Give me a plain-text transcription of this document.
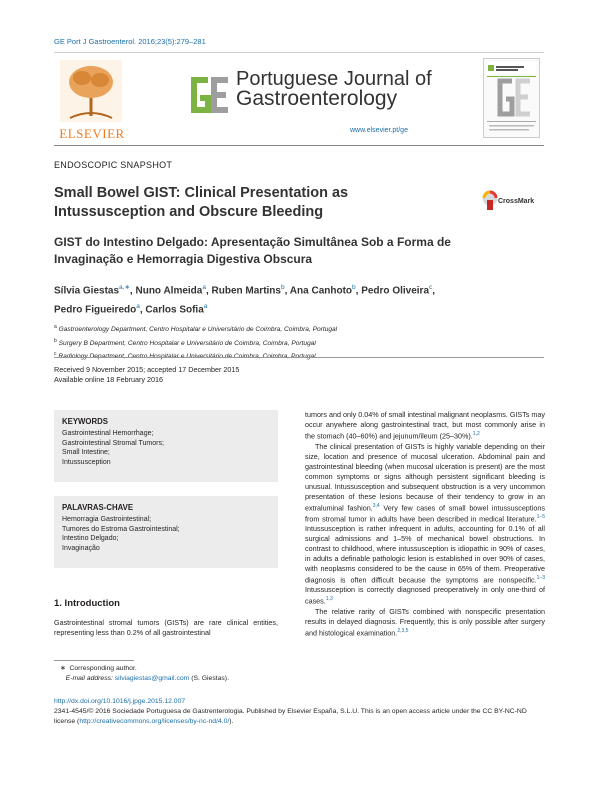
GE Port J Gastroenterol. 2016;23(5):279–281
ELSEVIER
Portuguese Journal of
Gastroenterology
www.elsevier.pt/ge
ENDOSCOPIC SNAPSHOT
Small Bowel GIST: Clinical Presentation as Intussusception and Obscure Bleeding
CrossMark
GIST do Intestino Delgado: Apresentação Simultânea Sob a Forma de Invaginação e Hemorragia Digestiva Obscura
Sílvia Giestas$^{a,∗}$, Nuno Almeida$^a$, Ruben Martins$^b$, Ana Canhoto$^b$, Pedro Oliveira$^c$,
Pedro Figueiredo$^a$, Carlos Sofia$^a$
$^a$ Gastroenterology Department, Centro Hospitalar e Universitário de Coimbra, Coimbra, Portugal
$^b$ Surgery B Department, Centro Hospitalar e Universitário de Coimbra, Coimbra, Portugal
$^c$ Radiology Department, Centro Hospitalar e Universitário de Coimbra, Coimbra, Portugal
Received 9 November 2015; accepted 17 December 2015
Available online 18 February 2016
KEYWORDS
Gastrointestinal Hemorrhage;
Gastrointestinal Stromal Tumors;
Small Intestine;
Intussusception
PALAVRAS-CHAVE
Hemorragia Gastrointestinal;
Tumores do Estroma Gastrointestinal;
Intestino Delgado;
Invaginação
1. Introduction
Gastrointestinal stromal tumors (GISTs) are rare clinical entities, representing less than 0.2% of all gastrointestinal

tumors and only 0.04% of small intestinal malignant neoplasms. GISTs may occur anywhere along gastrointestinal tract, but most commonly arise in the stomach (40–60%) and jejunum/ileum (25–30%).$^{1,2}$

The clinical presentation of GISTs is highly variable depending on their size, location and presence of mucosal ulceration. Abdominal pain and gastrointestinal bleeding (when mucosal ulceration is present) are the most common symptoms or signs although persistent significant bleeding is unusual. Intussusception and subsequent obstruction is a very uncommon presentation of these lesions because of their tendency to grow in an extraluminal fashion.$^{3,4}$ Very few cases of small bowel intussusceptions from stromal tumor in adults have been described in medical literature.$^{1-5}$ Intussusception is rather infrequent in adults, accounting for 0.1% of all surgical admissions and 1–5% of mechanical bowel obstructions. In contrast to childhood, where intussusception is idiopathic in 90% of cases, in adults a definable pathologic lesion is established in over 90% of cases, with neoplasms considered to be the cause in 65% of them. Preoperative diagnosis is often difficult because the symptoms are nonspecific.$^{1-3}$ Intussusception is correctly diagnosed preoperatively in only one-third of cases.$^{1,3}$

The relative rarity of GISTs combined with nonspecific presentation results in delayed diagnosis. Frequently, this is only possible after surgery and histological examination.$^{2,3,5}$

∗ Corresponding author.
E-mail address: silviagiestas@gmail.com (S. Giestas).
http://dx.doi.org/10.1016/j.jpge.2015.12.007
2341-4545/© 2016 Sociedade Portuguesa de Gastrenterologia. Published by Elsevier España, S.L.U. This is an open access article under the CC BY-NC-ND license (http://creativecommons.org/licenses/by-nc-nd/4.0/).
